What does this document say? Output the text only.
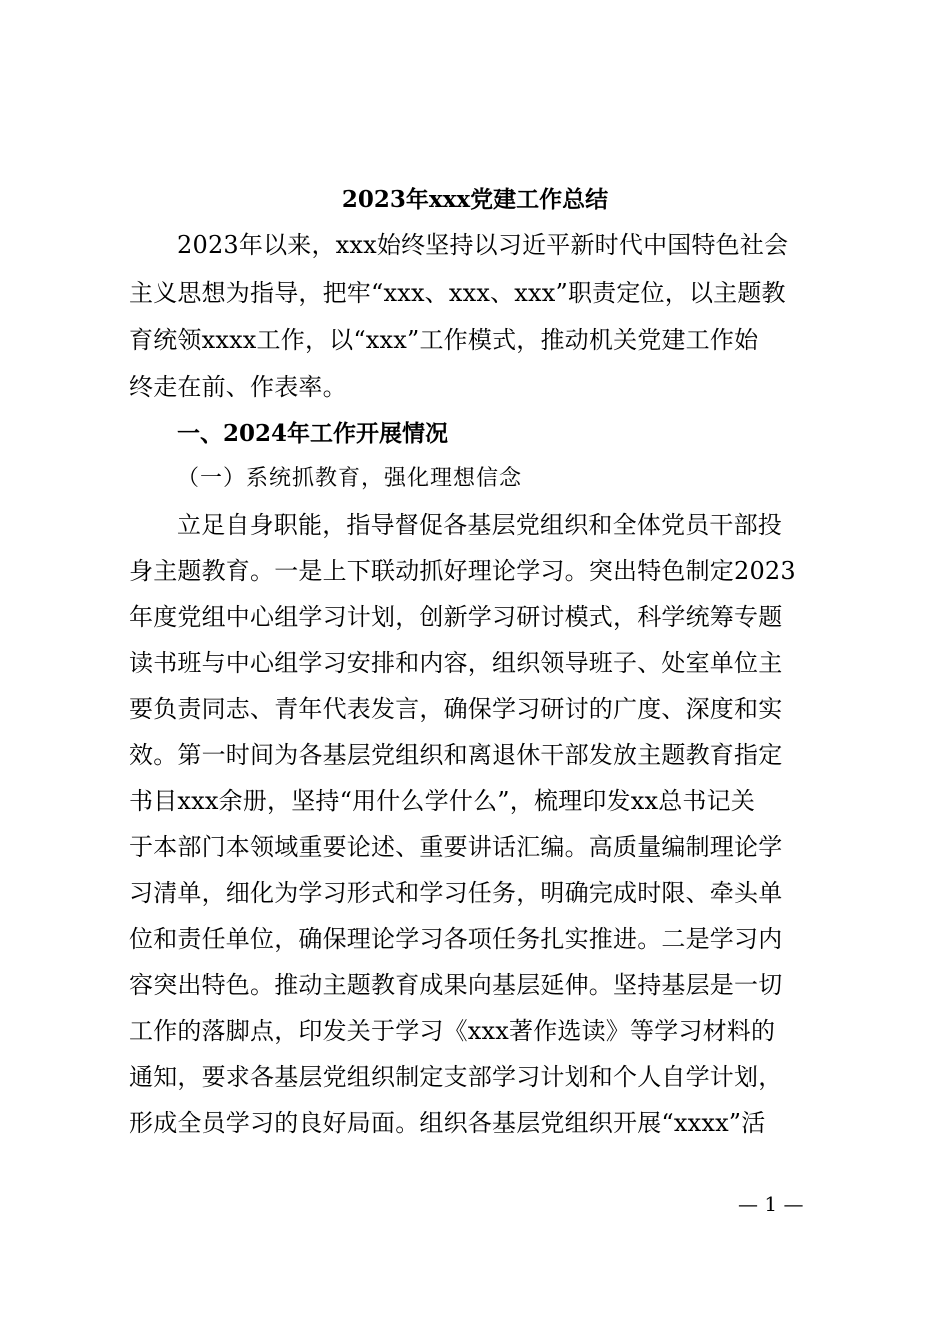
2023年xxx党建工作总结
2023年以来，xxx始终坚持以习近平新时代中国特色社会
主义思想为指导，把牢“xxx、xxx、xxx”职责定位，以主题教
育统领xxxx工作，以“xxx”工作模式，推动机关党建工作始
终走在前、作表率。
一、2024年工作开展情况
（一）系统抓教育，强化理想信念
立足自身职能，指导督促各基层党组织和全体党员干部投
身主题教育。一是上下联动抓好理论学习。突出特色制定2023
年度党组中心组学习计划，创新学习研讨模式，科学统筹专题
读书班与中心组学习安排和内容，组织领导班子、处室单位主
要负责同志、青年代表发言，确保学习研讨的广度、深度和实
效。第一时间为各基层党组织和离退休干部发放主题教育指定
书目xxx余册，坚持“用什么学什么”，梳理印发xx总书记关
于本部门本领域重要论述、重要讲话汇编。高质量编制理论学
习清单，细化为学习形式和学习任务，明确完成时限、牵头单
位和责任单位，确保理论学习各项任务扎实推进。二是学习内
容突出特色。推动主题教育成果向基层延伸。坚持基层是一切
工作的落脚点，印发关于学习《xxx著作选读》等学习材料的
通知，要求各基层党组织制定支部学习计划和个人自学计划，
形成全员学习的良好局面。组织各基层党组织开展“xxxx”活
— 1 —
